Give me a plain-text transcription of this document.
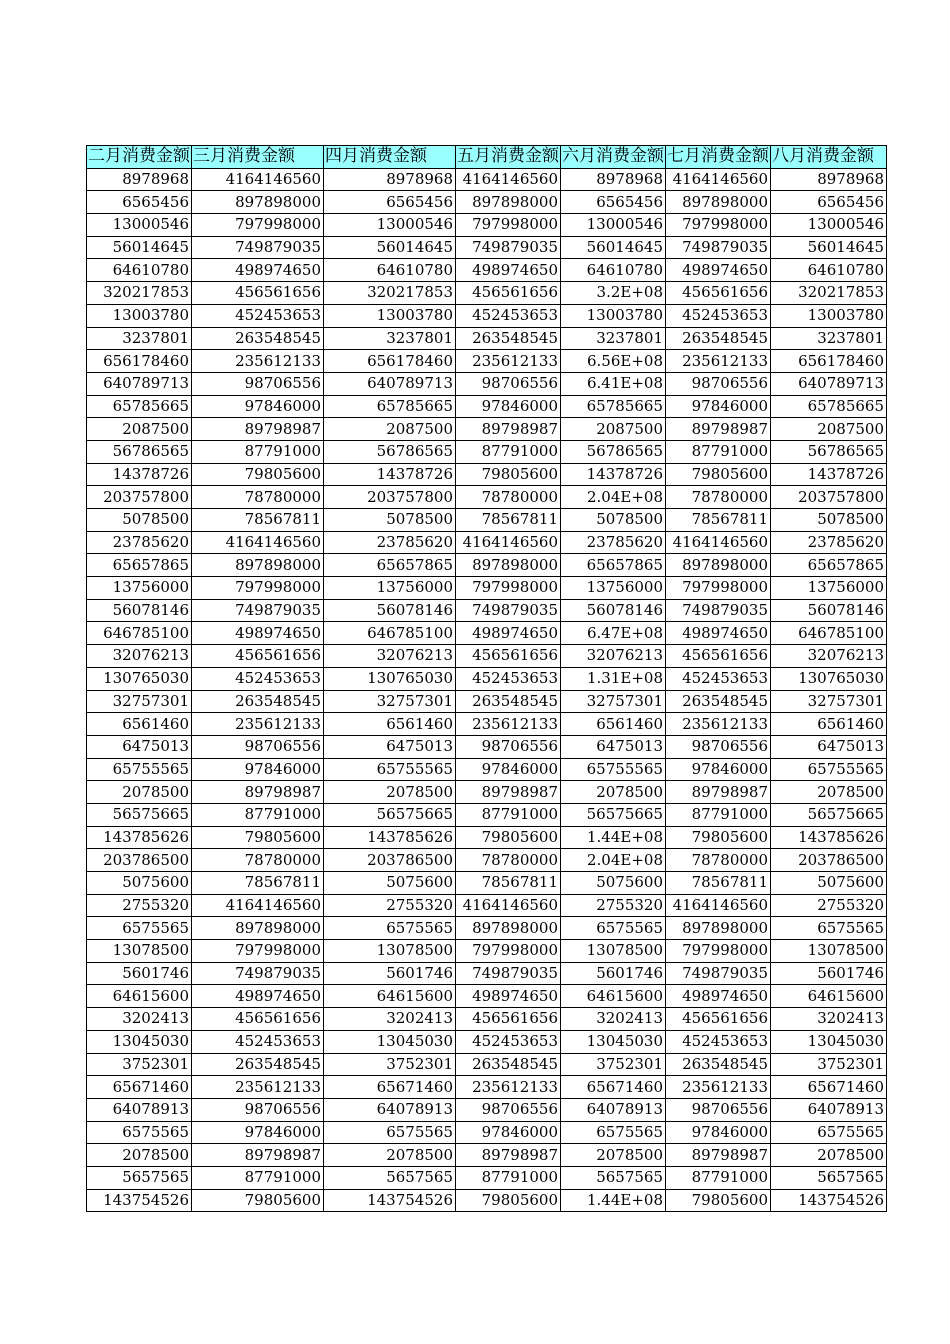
二月消费金额	三月消费金额	四月消费金额	五月消费金额	六月消费金额	七月消费金额	八月消费金额
8978968	4164146560	8978968	4164146560	8978968	4164146560	8978968
6565456	897898000	6565456	897898000	6565456	897898000	6565456
13000546	797998000	13000546	797998000	13000546	797998000	13000546
56014645	749879035	56014645	749879035	56014645	749879035	56014645
64610780	498974650	64610780	498974650	64610780	498974650	64610780
320217853	456561656	320217853	456561656	3.2E+08	456561656	320217853
13003780	452453653	13003780	452453653	13003780	452453653	13003780
3237801	263548545	3237801	263548545	3237801	263548545	3237801
656178460	235612133	656178460	235612133	6.56E+08	235612133	656178460
640789713	98706556	640789713	98706556	6.41E+08	98706556	640789713
65785665	97846000	65785665	97846000	65785665	97846000	65785665
2087500	89798987	2087500	89798987	2087500	89798987	2087500
56786565	87791000	56786565	87791000	56786565	87791000	56786565
14378726	79805600	14378726	79805600	14378726	79805600	14378726
203757800	78780000	203757800	78780000	2.04E+08	78780000	203757800
5078500	78567811	5078500	78567811	5078500	78567811	5078500
23785620	4164146560	23785620	4164146560	23785620	4164146560	23785620
65657865	897898000	65657865	897898000	65657865	897898000	65657865
13756000	797998000	13756000	797998000	13756000	797998000	13756000
56078146	749879035	56078146	749879035	56078146	749879035	56078146
646785100	498974650	646785100	498974650	6.47E+08	498974650	646785100
32076213	456561656	32076213	456561656	32076213	456561656	32076213
130765030	452453653	130765030	452453653	1.31E+08	452453653	130765030
32757301	263548545	32757301	263548545	32757301	263548545	32757301
6561460	235612133	6561460	235612133	6561460	235612133	6561460
6475013	98706556	6475013	98706556	6475013	98706556	6475013
65755565	97846000	65755565	97846000	65755565	97846000	65755565
2078500	89798987	2078500	89798987	2078500	89798987	2078500
56575665	87791000	56575665	87791000	56575665	87791000	56575665
143785626	79805600	143785626	79805600	1.44E+08	79805600	143785626
203786500	78780000	203786500	78780000	2.04E+08	78780000	203786500
5075600	78567811	5075600	78567811	5075600	78567811	5075600
2755320	4164146560	2755320	4164146560	2755320	4164146560	2755320
6575565	897898000	6575565	897898000	6575565	897898000	6575565
13078500	797998000	13078500	797998000	13078500	797998000	13078500
5601746	749879035	5601746	749879035	5601746	749879035	5601746
64615600	498974650	64615600	498974650	64615600	498974650	64615600
3202413	456561656	3202413	456561656	3202413	456561656	3202413
13045030	452453653	13045030	452453653	13045030	452453653	13045030
3752301	263548545	3752301	263548545	3752301	263548545	3752301
65671460	235612133	65671460	235612133	65671460	235612133	65671460
64078913	98706556	64078913	98706556	64078913	98706556	64078913
6575565	97846000	6575565	97846000	6575565	97846000	6575565
2078500	89798987	2078500	89798987	2078500	89798987	2078500
5657565	87791000	5657565	87791000	5657565	87791000	5657565
143754526	79805600	143754526	79805600	1.44E+08	79805600	143754526
